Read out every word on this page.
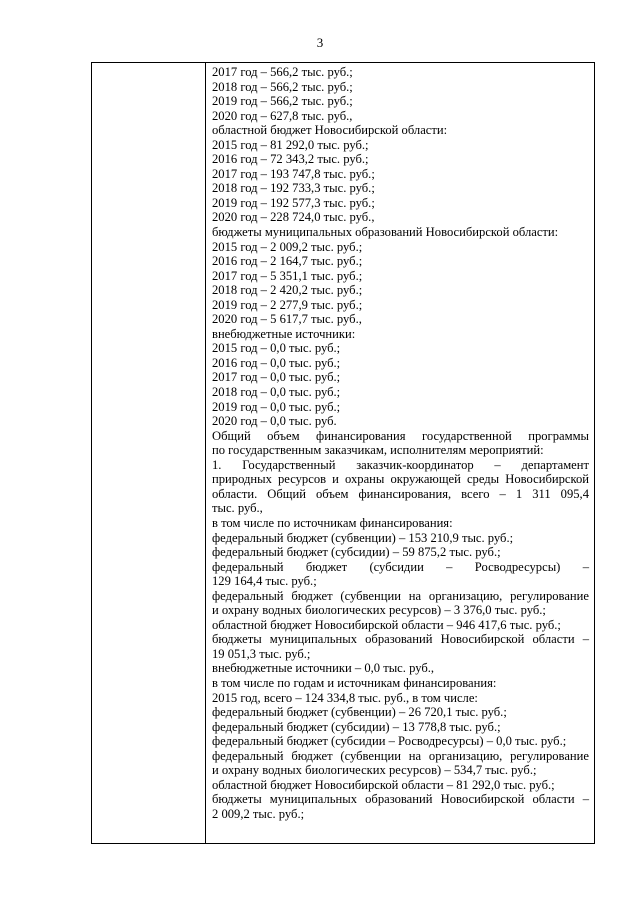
3
2017 год – 566,2 тыс. руб.;
2018 год – 566,2 тыс. руб.;
2019 год – 566,2 тыс. руб.;
2020 год – 627,8 тыс. руб.,
областной бюджет Новосибирской области:
2015 год – 81 292,0 тыс. руб.;
2016 год – 72 343,2 тыс. руб.;
2017 год – 193 747,8 тыс. руб.;
2018 год – 192 733,3 тыс. руб.;
2019 год – 192 577,3 тыс. руб.;
2020 год – 228 724,0 тыс. руб.,
бюджеты муниципальных образований Новосибирской области:
2015 год – 2 009,2 тыс. руб.;
2016 год – 2 164,7 тыс. руб.;
2017 год – 5 351,1 тыс. руб.;
2018 год – 2 420,2 тыс. руб.;
2019 год – 2 277,9 тыс. руб.;
2020 год – 5 617,7 тыс. руб.,
внебюджетные источники:
2015 год – 0,0 тыс. руб.;
2016 год – 0,0 тыс. руб.;
2017 год – 0,0 тыс. руб.;
2018 год – 0,0 тыс. руб.;
2019 год – 0,0 тыс. руб.;
2020 год – 0,0 тыс. руб.
Общий объем финансирования государственной программы
по государственным заказчикам, исполнителям мероприятий:
1. Государственный заказчик-координатор – департамент
природных ресурсов и охраны окружающей среды Новосибирской
области. Общий объем финансирования, всего – 1 311 095,4
тыс. руб.,
в том числе по источникам финансирования:
федеральный бюджет (субвенции) – 153 210,9 тыс. руб.;
федеральный бюджет (субсидии) – 59 875,2 тыс. руб.;
федеральный бюджет (субсидии – Росводресурсы) –
129 164,4 тыс. руб.;
федеральный бюджет (субвенции на организацию, регулирование
и охрану водных биологических ресурсов) – 3 376,0 тыс. руб.;
областной бюджет Новосибирской области – 946 417,6 тыс. руб.;
бюджеты муниципальных образований Новосибирской области –
19 051,3 тыс. руб.;
внебюджетные источники – 0,0 тыс. руб.,
в том числе по годам и источникам финансирования:
2015 год, всего – 124 334,8 тыс. руб., в том числе:
федеральный бюджет (субвенции) – 26 720,1 тыс. руб.;
федеральный бюджет (субсидии) – 13 778,8 тыс. руб.;
федеральный бюджет (субсидии – Росводресурсы) – 0,0 тыс. руб.;
федеральный бюджет (субвенции на организацию, регулирование
и охрану водных биологических ресурсов) – 534,7 тыс. руб.;
областной бюджет Новосибирской области – 81 292,0 тыс. руб.;
бюджеты муниципальных образований Новосибирской области –
2 009,2 тыс. руб.;
